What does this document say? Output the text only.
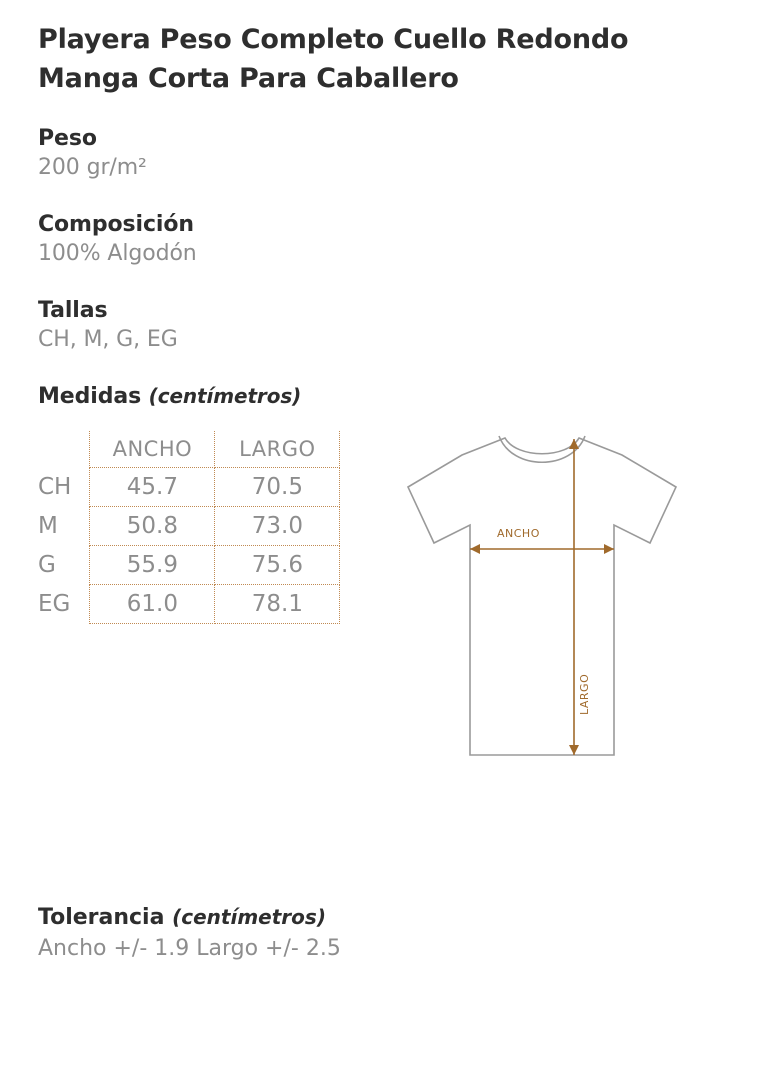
Playera Peso Completo Cuello Redondo Manga Corta Para Caballero
Peso
200 gr/m²
Composición
100% Algodón
Tallas
CH, M, G, EG
Medidas (centímetros)
	ANCHO	LARGO
CH	45.7	70.5
M	50.8	73.0
G	55.9	75.6
EG	61.0	78.1
ANCHO
LARGO
Tolerancia (centímetros)
Ancho +/- 1.9 Largo +/- 2.5
